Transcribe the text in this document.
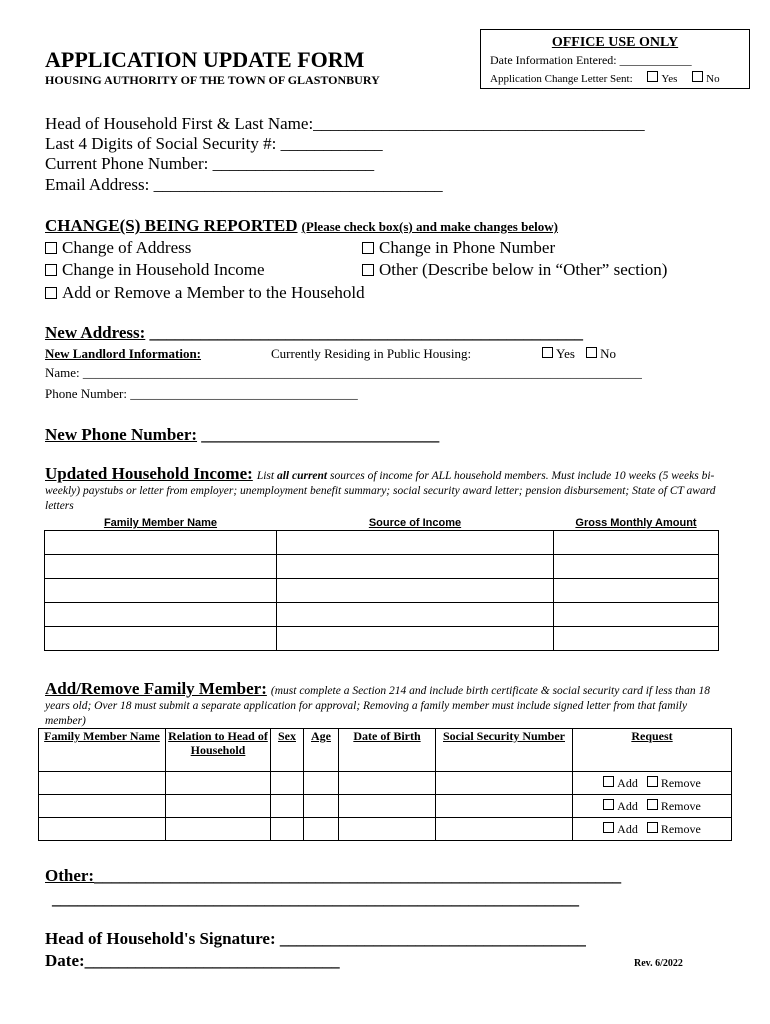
APPLICATION UPDATE FORM
HOUSING AUTHORITY OF THE TOWN OF GLASTONBURY
OFFICE USE ONLY
Date Information Entered: ____________
Application Change Letter Sent:	Yes	No
Head of Household First & Last Name:_______________________________________
Last 4 Digits of Social Security #: ____________
Current Phone Number: ___________________
Email Address: __________________________________
CHANGE(S) BEING REPORTED (Please check box(s) and make changes below)
Change of Address	Change in Phone Number
Change in Household Income	Other (Describe below in “Other” section)
Add or Remove a Member to the Household
New Address: ___________________________________________________
New Landlord Information:	Currently Residing in Public Housing:	Yes No
Name: ______________________________________________________________________________________
Phone Number: ___________________________________
New Phone Number: ____________________________
Updated Household Income: List all current sources of income for ALL household members. Must include 10 weeks (5 weeks bi-weekly) paystubs or letter from employer; unemployment benefit summary; social security award letter; pension disbursement; State of CT award letters
Family Member Name	Source of Income	Gross Monthly Amount

Add/Remove Family Member: (must complete a Section 214 and include birth certificate & social security card if less than 18 years old; Over 18 must submit a separate application for approval; Removing a family member must include signed letter from that family member)
Family Member Name	Relation to Head of Household	Sex	Age	Date of Birth	Social Security Number	Request
						Add Remove
						Add Remove
						Add Remove
Other:______________________________________________________________
______________________________________________________________
Head of Household's Signature: ____________________________________
Date:______________________________	Rev. 6/2022
